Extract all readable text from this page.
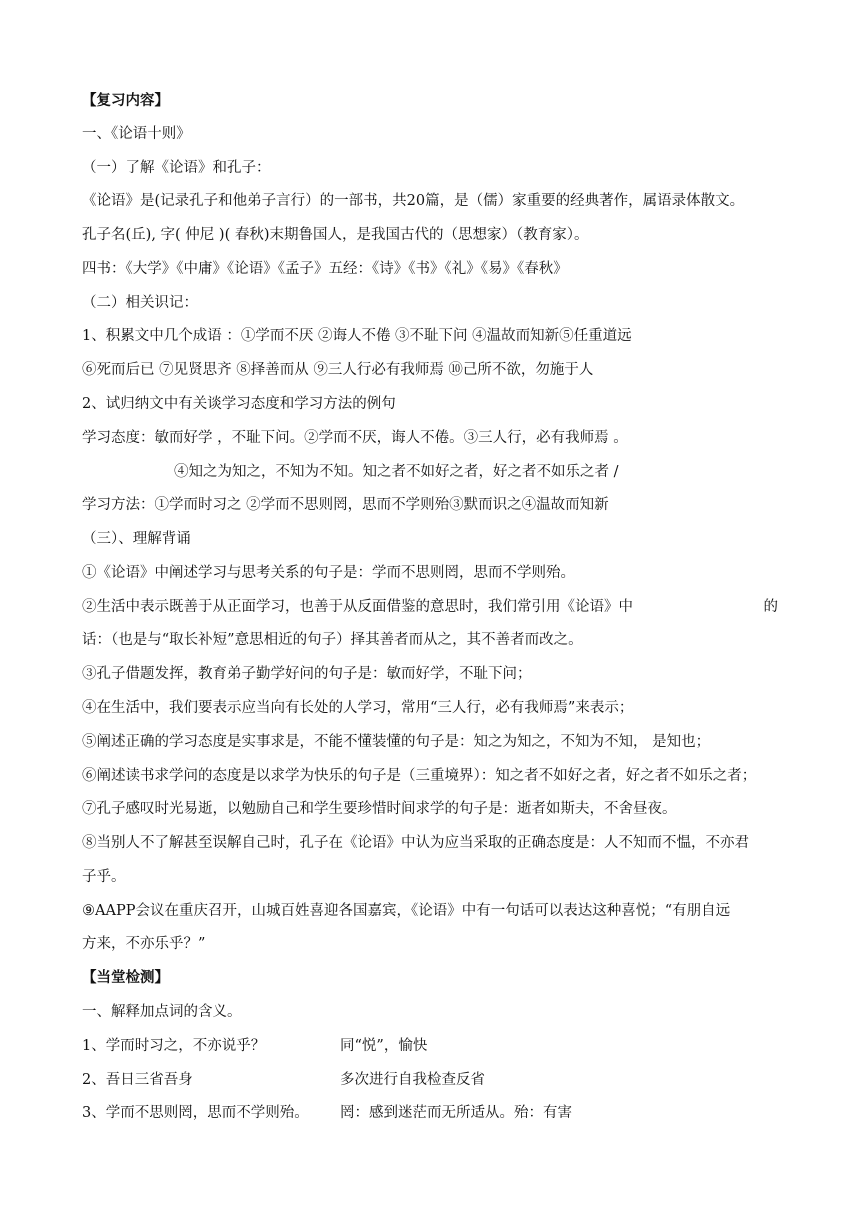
【复习内容】
一、《论语十则》
（一）了解《论语》和孔子：
《论语》是(记录孔子和他弟子言行）的一部书，共20篇，是（儒）家重要的经典著作，属语录体散文。
孔子名(丘), 字( 仲尼 )( 春秋)末期鲁国人，是我国古代的（思想家）（教育家）。
四书：《大学》《中庸》《论语》《孟子》五经：《诗》《书》《礼》《易》《春秋》
（二）相关识记：
1、积累文中几个成语 ：①学而不厌 ②诲人不倦 ③不耻下问 ④温故而知新⑤任重道远
⑥死而后已 ⑦见贤思齐 ⑧择善而从 ⑨三人行必有我师焉 ⑩己所不欲，勿施于人
2、试归纳文中有关谈学习态度和学习方法的例句
学习态度：敏而好学 ，不耻下问。②学而不厌，诲人不倦。③三人行，必有我师焉 。
④知之为知之，不知为不知。知之者不如好之者，好之者不如乐之者 /
学习方法：①学而时习之 ②学而不思则罔，思而不学则殆③默而识之④温故而知新
（三）、理解背诵
①《论语》中阐述学习与思考关系的句子是：学而不思则罔，思而不学则殆。
②生活中表示既善于从正面学习，也善于从反面借鉴的意思时，我们常引用《论语》中	的
话：（也是与“取长补短”意思相近的句子）择其善者而从之，其不善者而改之。
③孔子借题发挥，教育弟子勤学好问的句子是：敏而好学，不耻下问；
④在生活中，我们要表示应当向有长处的人学习，常用“三人行，必有我师焉”来表示；
⑤阐述正确的学习态度是实事求是，不能不懂装懂的句子是：知之为知之，不知为不知， 是知也；
⑥阐述读书求学问的态度是以求学为快乐的句子是（三重境界）：知之者不如好之者，好之者不如乐之者；
⑦孔子感叹时光易逝，以勉励自己和学生要珍惜时间求学的句子是：逝者如斯夫，不舍昼夜。
⑧当别人不了解甚至误解自己时，孔子在《论语》中认为应当采取的正确态度是：人不知而不愠，不亦君
子乎。
⑨AAPP会议在重庆召开，山城百姓喜迎各国嘉宾，《论语》中有一句话可以表达这种喜悦；“有朋自远
方来，不亦乐乎？”
【当堂检测】
一、解释加点词的含义。
1、学而时习之，不亦说乎？	同“悦”，愉快
2、吾日三省吾身	多次进行自我检查反省
3、学而不思则罔，思而不学则殆。 罔：感到迷茫而无所适从。殆：有害
